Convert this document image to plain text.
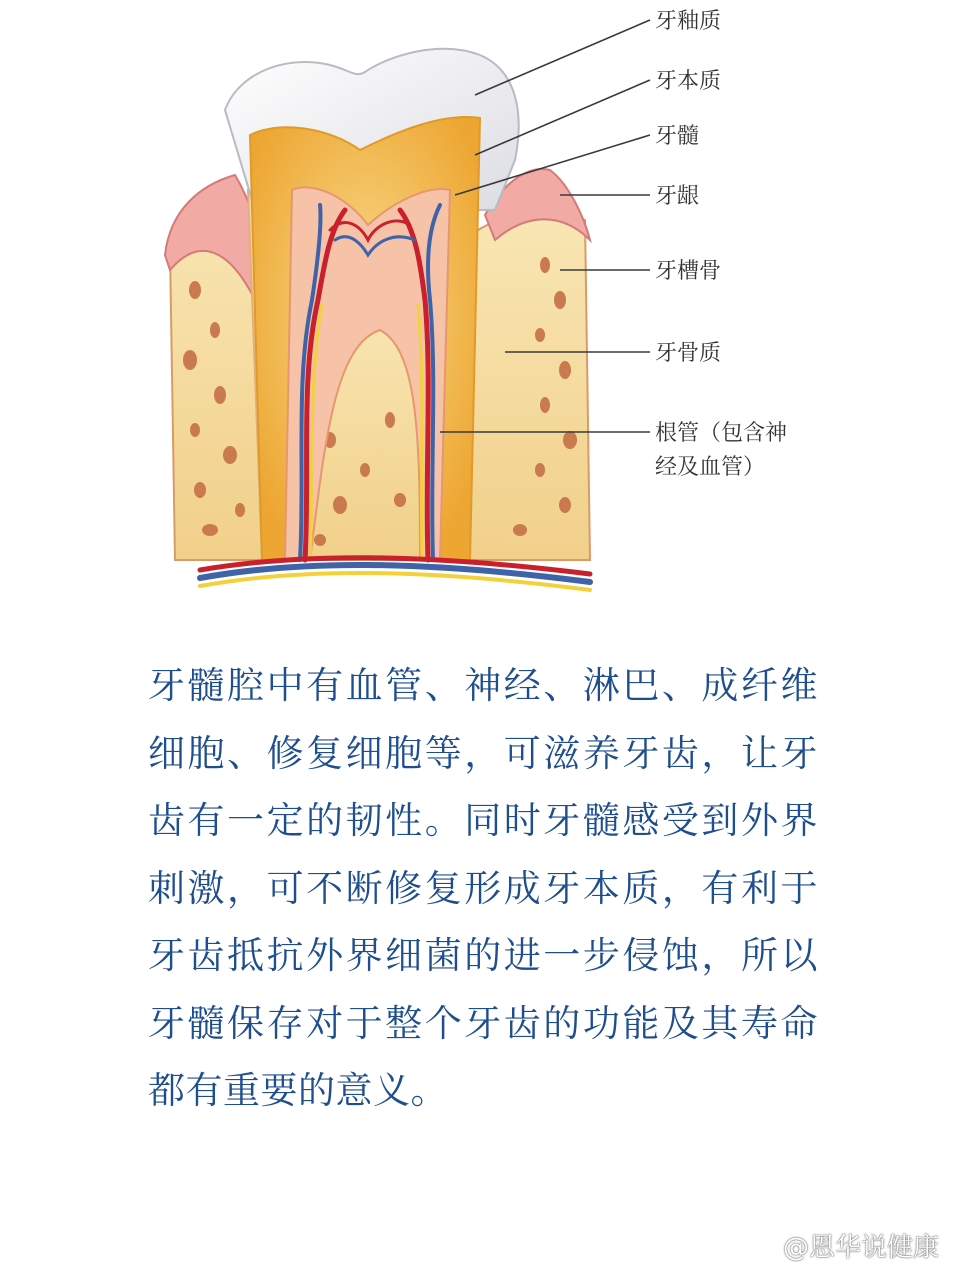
牙釉质
牙本质
牙髓
牙龈
牙槽骨
牙骨质
根管（包含神
经及血管）

牙髓腔中有血管、神经、淋巴、成纤维细胞、修复细胞等，可滋养牙齿，让牙齿有一定的韧性。同时牙髓感受到外界刺激，可不断修复形成牙本质，有利于牙齿抵抗外界细菌的进一步侵蚀，所以牙髓保存对于整个牙齿的功能及其寿命都有重要的意义。

@恩华说健康
